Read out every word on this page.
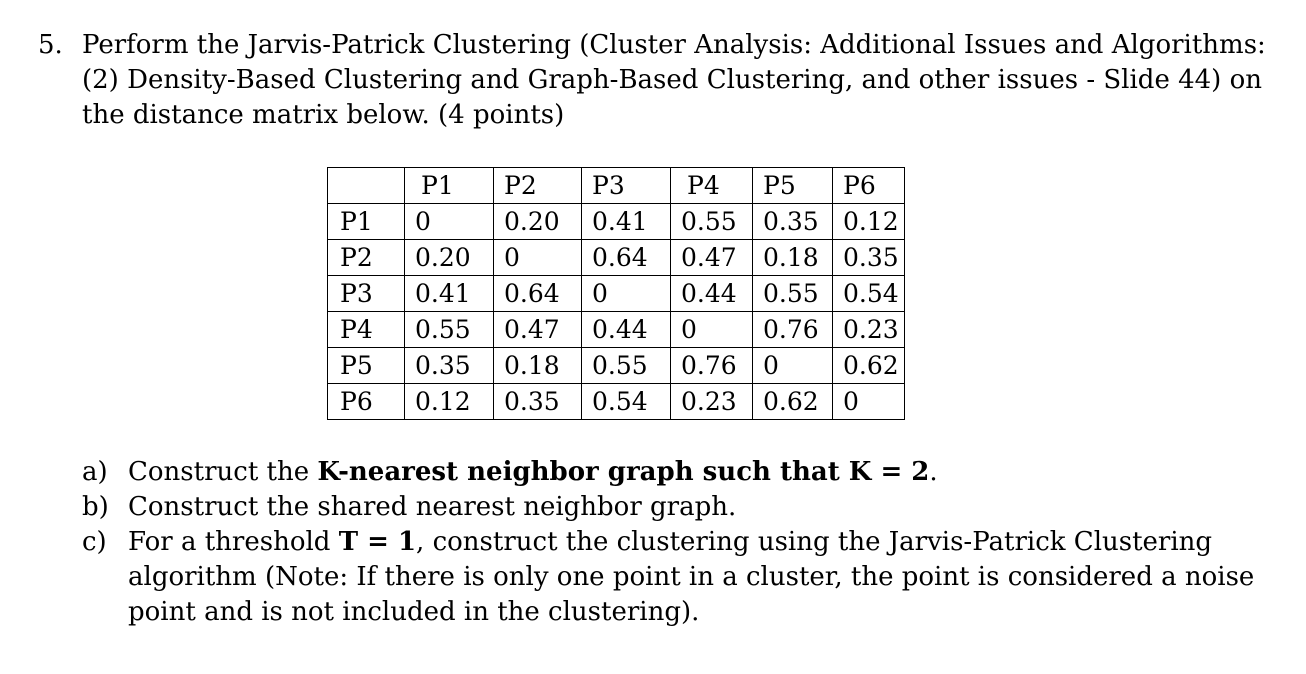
5. Perform the Jarvis-Patrick Clustering (Cluster Analysis: Additional Issues and Algorithms: (2) Density-Based Clustering and Graph-Based Clustering, and other issues - Slide 44) on the distance matrix below. (4 points)
	P1	P2	P3	P4	P5	P6
P1	0	0.20	0.41	0.55	0.35	0.12
P2	0.20	0	0.64	0.47	0.18	0.35
P3	0.41	0.64	0	0.44	0.55	0.54
P4	0.55	0.47	0.44	0	0.76	0.23
P5	0.35	0.18	0.55	0.76	0	0.62
P6	0.12	0.35	0.54	0.23	0.62	0
a) Construct the K-nearest neighbor graph such that K = 2.
b) Construct the shared nearest neighbor graph.
c) For a threshold T = 1, construct the clustering using the Jarvis-Patrick Clustering algorithm (Note: If there is only one point in a cluster, the point is considered a noise point and is not included in the clustering).
